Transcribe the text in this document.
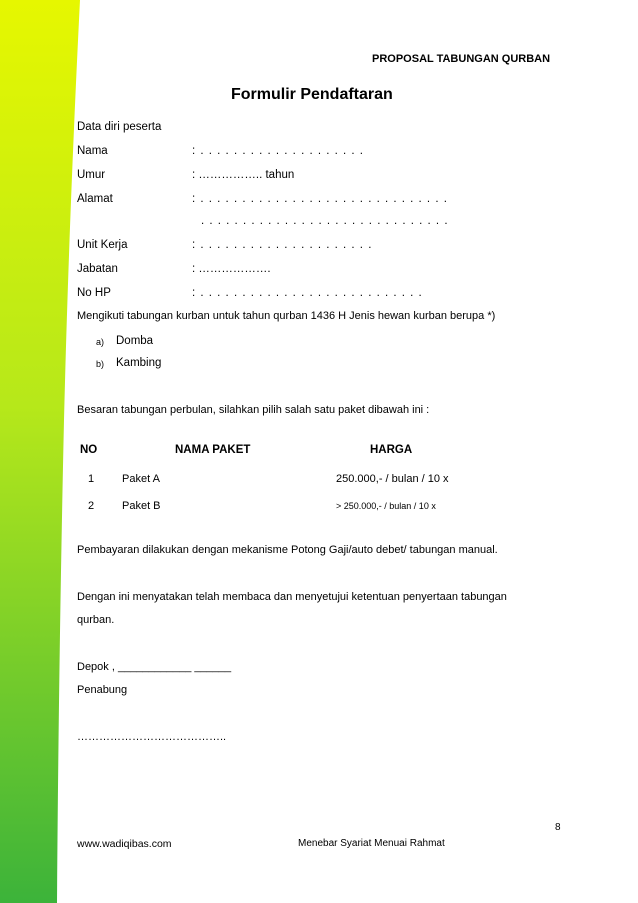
PROPOSAL TABUNGAN QURBAN
Formulir Pendaftaran
Data diri peserta
Nama	: . . . . . . . . . . . . . . . . . . . .
Umur	: …………….. tahun
Alamat	: . . . . . . . . . . . . . . . . . . . . . . . . . . . . . .
. . . . . . . . . . . . . . . . . . . . . . . . . . . . . .
Unit Kerja	: . . . . . . . . . . . . . . . . . . . . .
Jabatan	: ……………….
No HP	: . . . . . . . . . . . . . . . . . . . . . . . . . . .
Mengikuti tabungan kurban untuk tahun qurban 1436 H Jenis hewan kurban berupa *)
a) Domba
b) Kambing
Besaran tabungan perbulan, silahkan pilih salah satu paket dibawah ini :
NO	NAMA PAKET	HARGA
1	Paket A	250.000,- / bulan / 10 x
2	Paket B	> 250.000,- / bulan / 10 x
Pembayaran dilakukan dengan mekanisme Potong Gaji/auto debet/ tabungan manual.
Dengan ini menyatakan telah membaca dan menyetujui ketentuan penyertaan tabungan
qurban.
Depok , ____________ ______
Penabung
…………………………………..
8
www.wadiqibas.com	Menebar Syariat Menuai Rahmat
